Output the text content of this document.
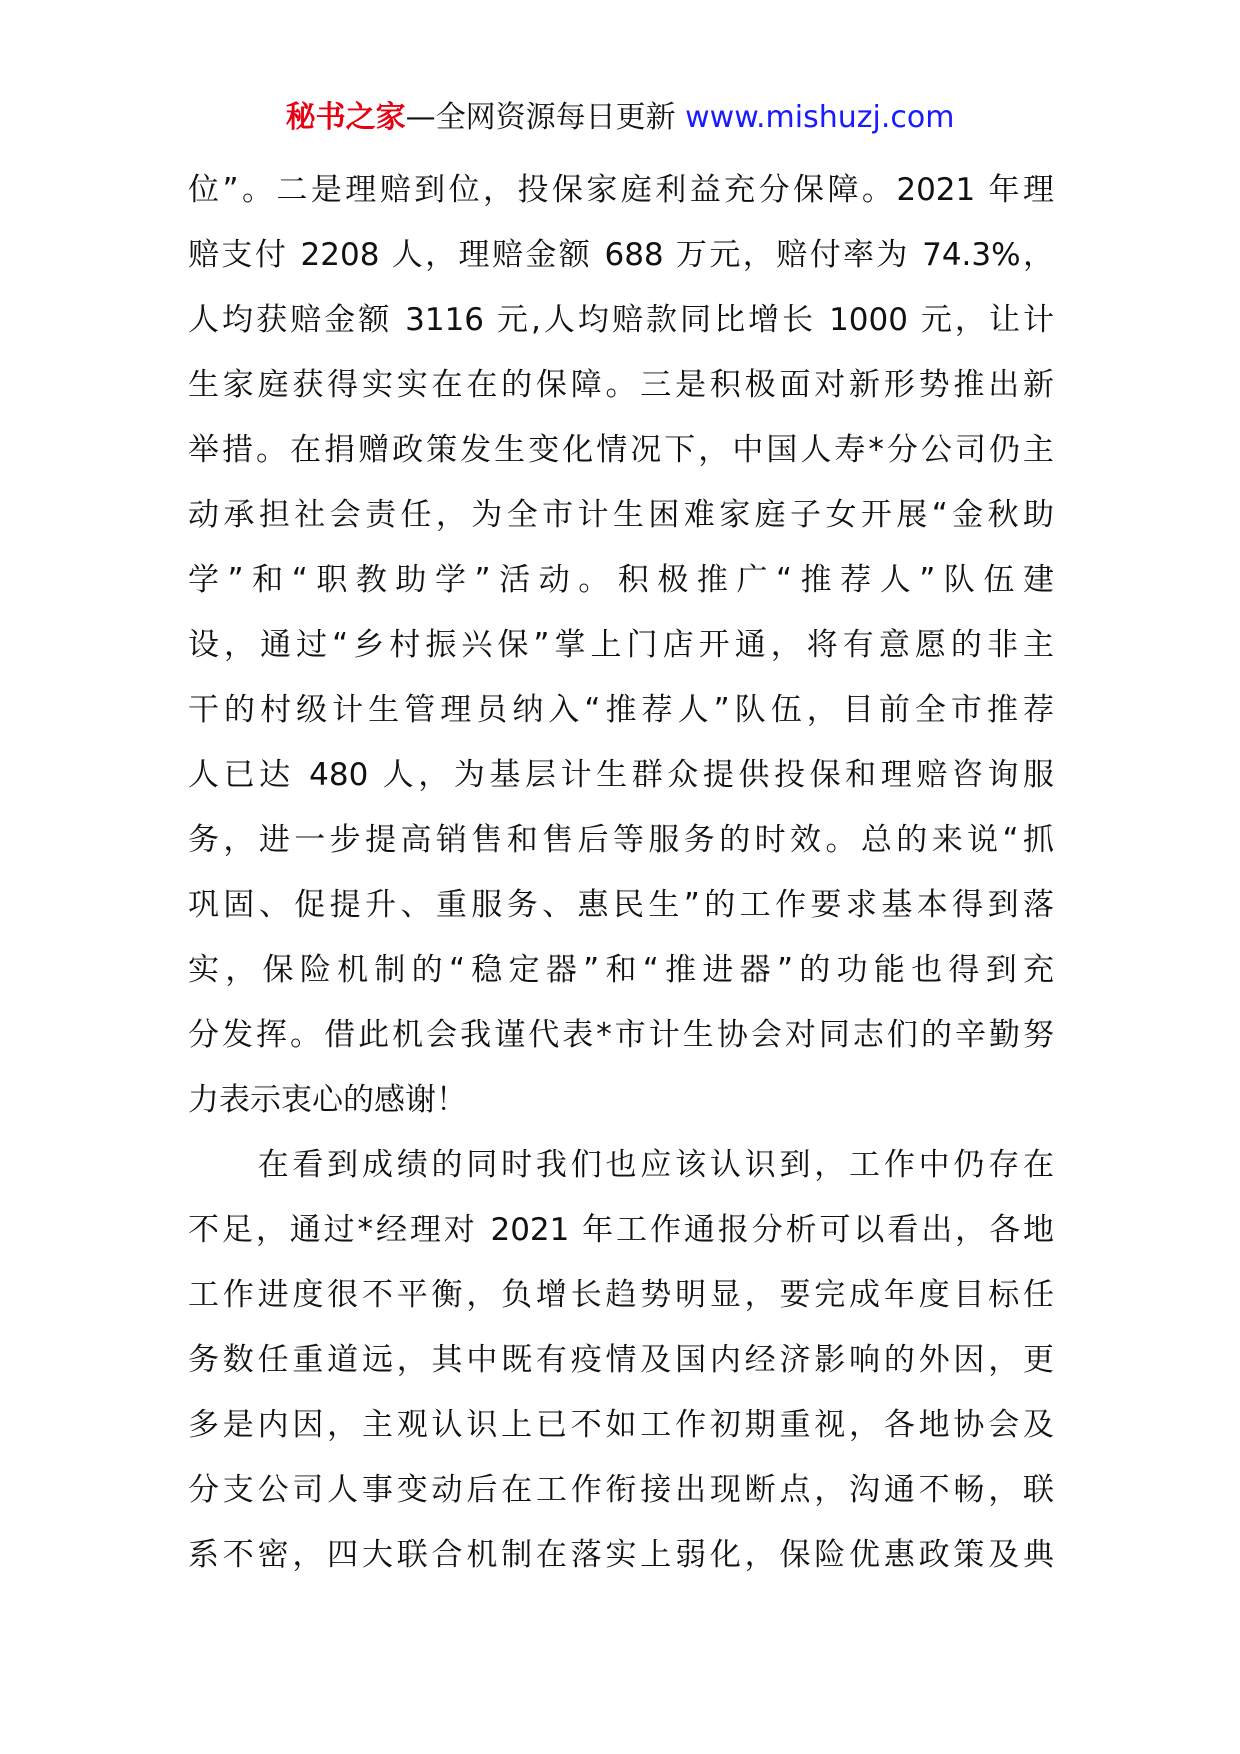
秘书之家—全网资源每日更新 www.mishuzj.com
位”。二是理赔到位，投保家庭利益充分保障。2021 年理
赔支付 2208 人，理赔金额 688 万元，赔付率为 74.3%，
人均获赔金额 3116 元,人均赔款同比增长 1000 元，让计
生家庭获得实实在在的保障。三是积极面对新形势推出新
举措。在捐赠政策发生变化情况下，中国人寿*分公司仍主
动承担社会责任，为全市计生困难家庭子女开展“金秋助
学”和“职教助学”活动。积极推广“推荐人”队伍建
设，通过“乡村振兴保”掌上门店开通，将有意愿的非主
干的村级计生管理员纳入“推荐人”队伍，目前全市推荐
人已达 480 人，为基层计生群众提供投保和理赔咨询服
务，进一步提高销售和售后等服务的时效。总的来说“抓
巩固、促提升、重服务、惠民生”的工作要求基本得到落
实，保险机制的“稳定器”和“推进器”的功能也得到充
分发挥。借此机会我谨代表*市计生协会对同志们的辛勤努
力表示衷心的感谢！
　　在看到成绩的同时我们也应该认识到，工作中仍存在
不足，通过*经理对 2021 年工作通报分析可以看出，各地
工作进度很不平衡，负增长趋势明显，要完成年度目标任
务数任重道远，其中既有疫情及国内经济影响的外因，更
多是内因，主观认识上已不如工作初期重视，各地协会及
分支公司人事变动后在工作衔接出现断点，沟通不畅，联
系不密，四大联合机制在落实上弱化，保险优惠政策及典
